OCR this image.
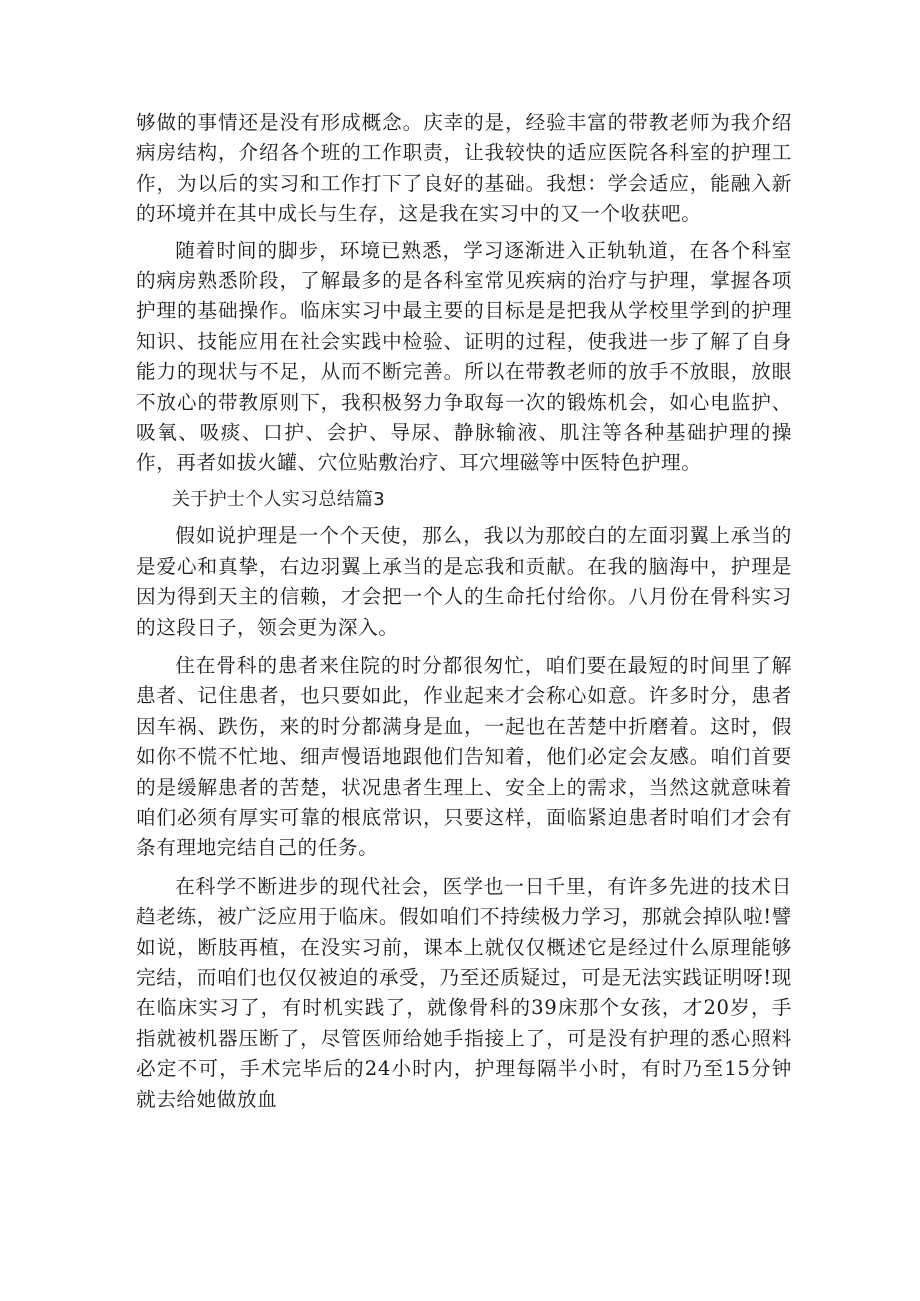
够做的事情还是没有形成概念。庆幸的是，经验丰富的带教老师为我介绍病房结构，介绍各个班的工作职责，让我较快的适应医院各科室的护理工作，为以后的实习和工作打下了良好的基础。我想：学会适应，能融入新的环境并在其中成长与生存，这是我在实习中的又一个收获吧。

随着时间的脚步，环境已熟悉，学习逐渐进入正轨轨道，在各个科室的病房熟悉阶段，了解最多的是各科室常见疾病的治疗与护理，掌握各项护理的基础操作。临床实习中最主要的目标是是把我从学校里学到的护理知识、技能应用在社会实践中检验、证明的过程，使我进一步了解了自身能力的现状与不足，从而不断完善。所以在带教老师的放手不放眼，放眼不放心的带教原则下，我积极努力争取每一次的锻炼机会，如心电监护、吸氧、吸痰、口护、会护、导尿、静脉输液、肌注等各种基础护理的操作，再者如拔火罐、穴位贴敷治疗、耳穴埋磁等中医特色护理。

关于护士个人实习总结篇3

假如说护理是一个个天使，那么，我以为那皎白的左面羽翼上承当的是爱心和真挚，右边羽翼上承当的是忘我和贡献。在我的脑海中，护理是因为得到天主的信赖，才会把一个人的生命托付给你。八月份在骨科实习的这段日子，领会更为深入。

住在骨科的患者来住院的时分都很匆忙，咱们要在最短的时间里了解患者、记住患者，也只要如此，作业起来才会称心如意。许多时分，患者因车祸、跌伤，来的时分都满身是血，一起也在苦楚中折磨着。这时，假如你不慌不忙地、细声慢语地跟他们告知着，他们必定会友感。咱们首要的是缓解患者的苦楚，状况患者生理上、安全上的需求，当然这就意味着咱们必须有厚实可靠的根底常识，只要这样，面临紧迫患者时咱们才会有条有理地完结自己的任务。

在科学不断进步的现代社会，医学也一日千里，有许多先进的技术日趋老练，被广泛应用于临床。假如咱们不持续极力学习，那就会掉队啦!譬如说，断肢再植，在没实习前，课本上就仅仅概述它是经过什么原理能够完结，而咱们也仅仅被迫的承受，乃至还质疑过，可是无法实践证明呀!现在临床实习了，有时机实践了，就像骨科的39床那个女孩，才20岁，手指就被机器压断了，尽管医师给她手指接上了，可是没有护理的悉心照料必定不可，手术完毕后的24小时内，护理每隔半小时，有时乃至15分钟就去给她做放血
